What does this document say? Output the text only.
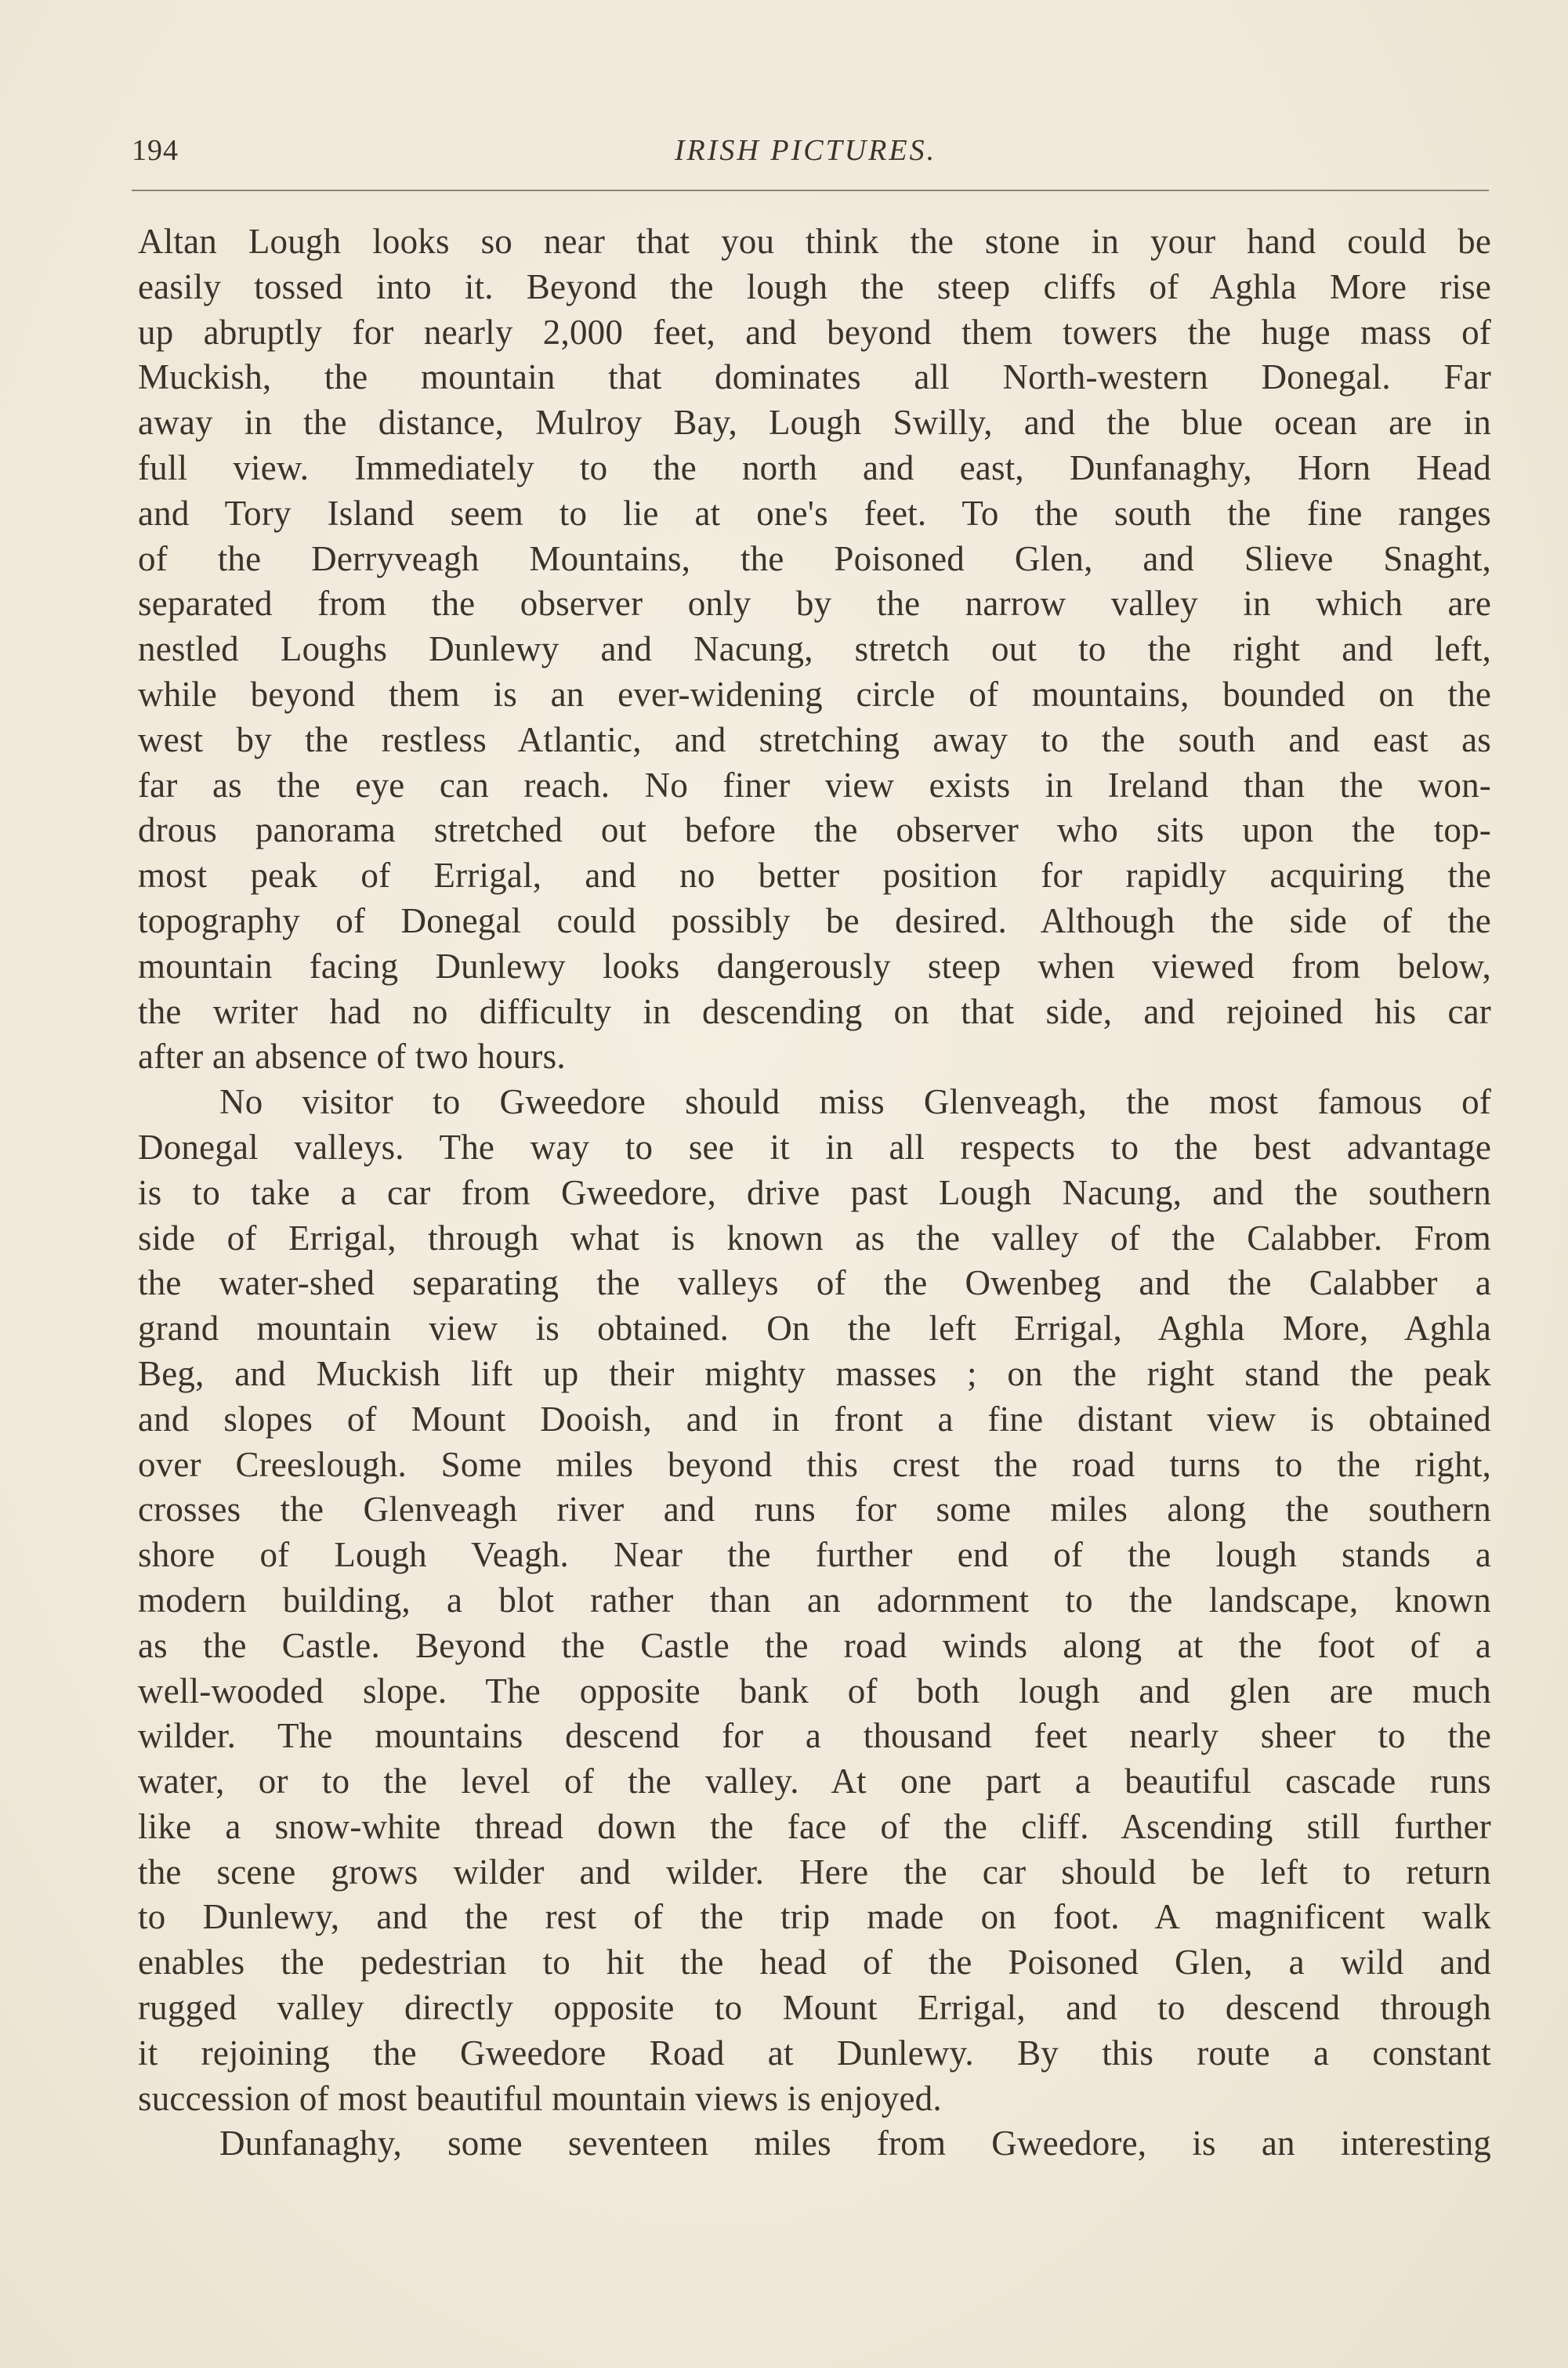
194	IRISH PICTURES.
Altan Lough looks so near that you think the stone in your hand could be
easily tossed into it. Beyond the lough the steep cliffs of Aghla More rise
up abruptly for nearly 2,000 feet, and beyond them towers the huge mass of
Muckish, the mountain that dominates all North-western Donegal. Far
away in the distance, Mulroy Bay, Lough Swilly, and the blue ocean are in
full view. Immediately to the north and east, Dunfanaghy, Horn Head
and Tory Island seem to lie at one's feet. To the south the fine ranges
of the Derryveagh Mountains, the Poisoned Glen, and Slieve Snaght,
separated from the observer only by the narrow valley in which are
nestled Loughs Dunlewy and Nacung, stretch out to the right and left,
while beyond them is an ever-widening circle of mountains, bounded on the
west by the restless Atlantic, and stretching away to the south and east as
far as the eye can reach. No finer view exists in Ireland than the won-
drous panorama stretched out before the observer who sits upon the top-
most peak of Errigal, and no better position for rapidly acquiring the
topography of Donegal could possibly be desired. Although the side of the
mountain facing Dunlewy looks dangerously steep when viewed from below,
the writer had no difficulty in descending on that side, and rejoined his car
after an absence of two hours.
No visitor to Gweedore should miss Glenveagh, the most famous of
Donegal valleys. The way to see it in all respects to the best advantage
is to take a car from Gweedore, drive past Lough Nacung, and the southern
side of Errigal, through what is known as the valley of the Calabber. From
the water-shed separating the valleys of the Owenbeg and the Calabber a
grand mountain view is obtained. On the left Errigal, Aghla More, Aghla
Beg, and Muckish lift up their mighty masses ; on the right stand the peak
and slopes of Mount Dooish, and in front a fine distant view is obtained
over Creeslough. Some miles beyond this crest the road turns to the right,
crosses the Glenveagh river and runs for some miles along the southern
shore of Lough Veagh. Near the further end of the lough stands a
modern building, a blot rather than an adornment to the landscape, known
as the Castle. Beyond the Castle the road winds along at the foot of a
well-wooded slope. The opposite bank of both lough and glen are much
wilder. The mountains descend for a thousand feet nearly sheer to the
water, or to the level of the valley. At one part a beautiful cascade runs
like a snow-white thread down the face of the cliff. Ascending still further
the scene grows wilder and wilder. Here the car should be left to return
to Dunlewy, and the rest of the trip made on foot. A magnificent walk
enables the pedestrian to hit the head of the Poisoned Glen, a wild and
rugged valley directly opposite to Mount Errigal, and to descend through
it rejoining the Gweedore Road at Dunlewy. By this route a constant
succession of most beautiful mountain views is enjoyed.
Dunfanaghy, some seventeen miles from Gweedore, is an interesting
